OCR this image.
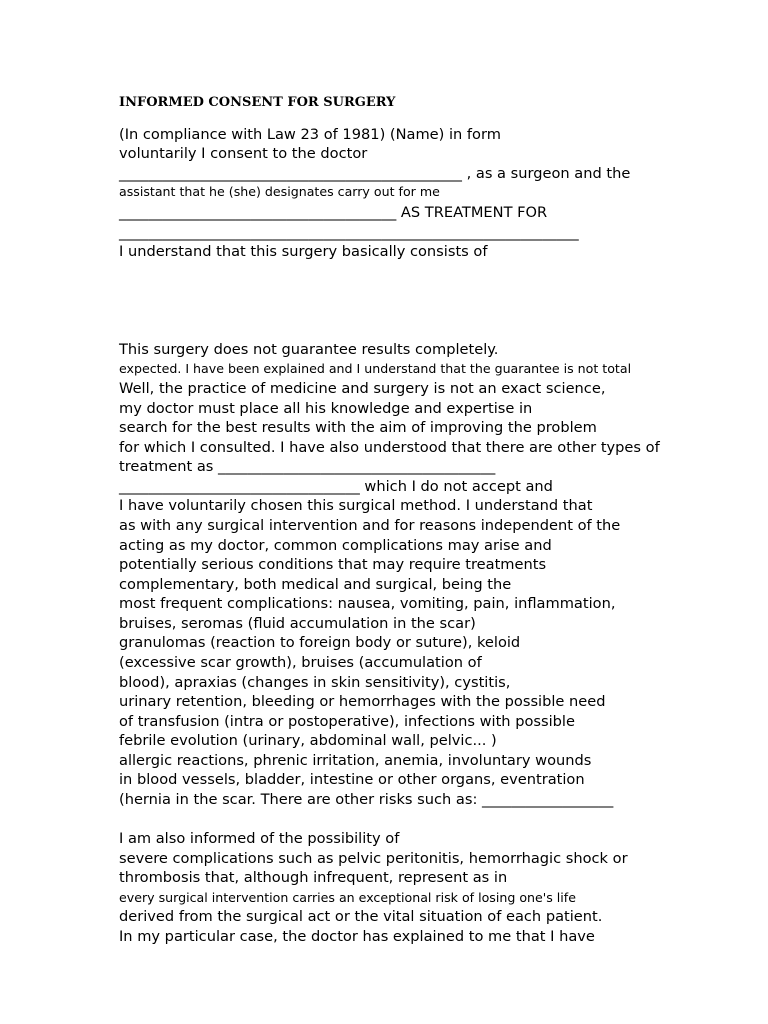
INFORMED CONSENT FOR SURGERY
(In compliance with Law 23 of 1981) (Name) in form
voluntarily I consent to the doctor
_______________________________________________ , as a surgeon and the
assistant that he (she) designates carry out for me
______________________________________ AS TREATMENT FOR
_______________________________________________________________
I understand that this surgery basically consists of
This surgery does not guarantee results completely.
expected. I have been explained and I understand that the guarantee is not total
Well, the practice of medicine and surgery is not an exact science,
my doctor must place all his knowledge and expertise in
search for the best results with the aim of improving the problem
for which I consulted. I have also understood that there are other types of
treatment as ______________________________________
_________________________________ which I do not accept and
I have voluntarily chosen this surgical method. I understand that
as with any surgical intervention and for reasons independent of the
acting as my doctor, common complications may arise and
potentially serious conditions that may require treatments
complementary, both medical and surgical, being the
most frequent complications: nausea, vomiting, pain, inflammation,
bruises, seromas (fluid accumulation in the scar)
granulomas (reaction to foreign body or suture), keloid
(excessive scar growth), bruises (accumulation of
blood), apraxias (changes in skin sensitivity), cystitis,
urinary retention, bleeding or hemorrhages with the possible need
of transfusion (intra or postoperative), infections with possible
febrile evolution (urinary, abdominal wall, pelvic... )
allergic reactions, phrenic irritation, anemia, involuntary wounds
in blood vessels, bladder, intestine or other organs, eventration
(hernia in the scar. There are other risks such as: __________________
I am also informed of the possibility of
severe complications such as pelvic peritonitis, hemorrhagic shock or
thrombosis that, although infrequent, represent as in
every surgical intervention carries an exceptional risk of losing one's life
derived from the surgical act or the vital situation of each patient.
In my particular case, the doctor has explained to me that I have
